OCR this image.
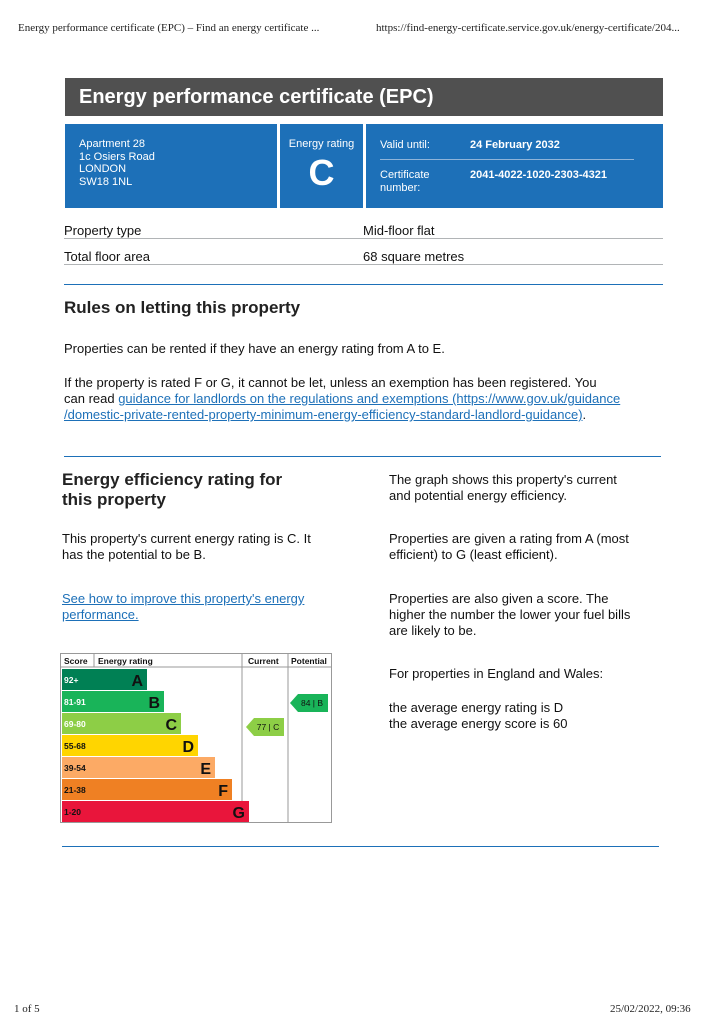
Energy performance certificate (EPC) – Find an energy certificate ...	https://find-energy-certificate.service.gov.uk/energy-certificate/204...
1 of 5	25/02/2022, 09:36
Energy performance certificate (EPC)
Apartment 28
1c Osiers Road
LONDON
SW18 1NL
Energy rating
C
Valid until:	24 February 2032
Certificate number:
2041-4022-1020-2303-4321
Property type	Mid-floor flat
Total floor area	68 square metres
Rules on letting this property
Properties can be rented if they have an energy rating from A to E.
If the property is rated F or G, it cannot be let, unless an exemption has been registered. You
can read guidance for landlords on the regulations and exemptions (https://www.gov.uk/guidance
/domestic-private-rented-property-minimum-energy-efficiency-standard-landlord-guidance).
Energy efficiency rating for
this property
This property's current energy rating is C. It
has the potential to be B.
See how to improve this property's energy
performance.
Score Energy rating	Current Potential
92+	A
81-91	B
69-80	C
55-68	D
39-54	E
21-38	F
1-20	G
77 | C
84 | B
The graph shows this property's current
and potential energy efficiency.
Properties are given a rating from A (most
efficient) to G (least efficient).
Properties are also given a score. The
higher the number the lower your fuel bills
are likely to be.
For properties in England and Wales:
the average energy rating is D
the average energy score is 60
